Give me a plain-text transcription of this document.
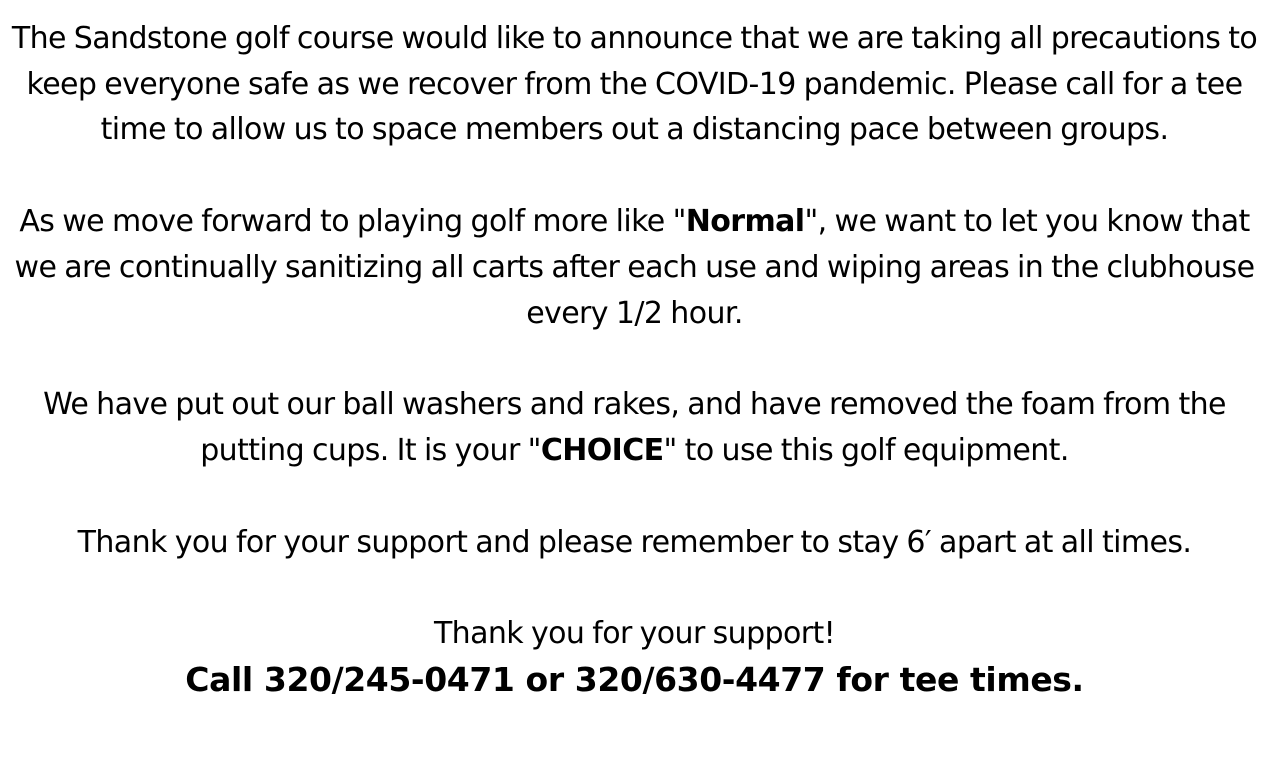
The Sandstone golf course would like to announce that we are taking all precautions to keep everyone safe as we recover from the COVID-19 pandemic. Please call for a tee time to allow us to space members out a distancing pace between groups.

As we move forward to playing golf more like "Normal", we want to let you know that we are continually sanitizing all carts after each use and wiping areas in the clubhouse every 1/2 hour.

We have put out our ball washers and rakes, and have removed the foam from the putting cups. It is your "CHOICE" to use this golf equipment.

Thank you for your support and please remember to stay 6′ apart at all times.

Thank you for your support!

Call 320/245-0471 or 320/630-4477 for tee times.
